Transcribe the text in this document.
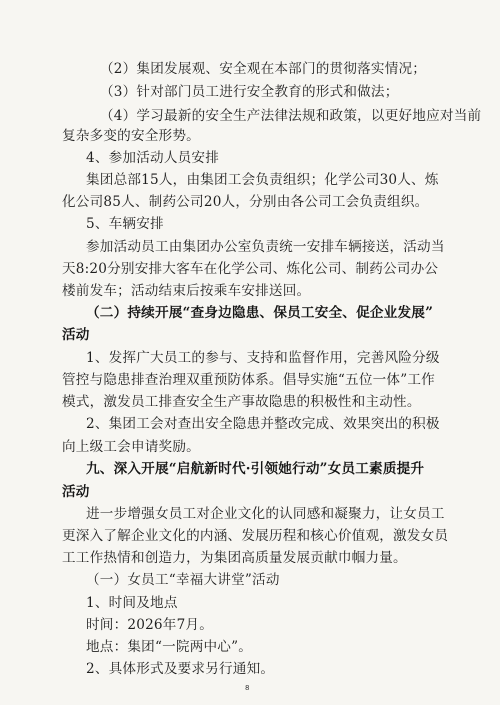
（2）集团发展观、安全观在本部门的贯彻落实情况；

（3）针对部门员工进行安全教育的形式和做法；

（4）学习最新的安全生产法律法规和政策，以更好地应对当前

复杂多变的安全形势。

4、参加活动人员安排

集团总部15人，由集团工会负责组织；化学公司30人、炼

化公司85人、制药公司20人，分别由各公司工会负责组织。

5、车辆安排

参加活动员工由集团办公室负责统一安排车辆接送，活动当

天8:20分别安排大客车在化学公司、炼化公司、制药公司办公

楼前发车；活动结束后按乘车安排送回。

（二）持续开展“查身边隐患、保员工安全、促企业发展”

活动

1、发挥广大员工的参与、支持和监督作用，完善风险分级

管控与隐患排查治理双重预防体系。倡导实施“五位一体”工作

模式，激发员工排查安全生产事故隐患的积极性和主动性。

2、集团工会对查出安全隐患并整改完成、效果突出的积极

向上级工会申请奖励。

九、深入开展“启航新时代·引领她行动”女员工素质提升

活动

进一步增强女员工对企业文化的认同感和凝聚力，让女员工

更深入了解企业文化的内涵、发展历程和核心价值观，激发女员

工工作热情和创造力，为集团高质量发展贡献巾帼力量。

（一）女员工“幸福大讲堂”活动

1、时间及地点

时间：2026年7月。

地点：集团“一院两中心”。

2、具体形式及要求另行通知。

8
